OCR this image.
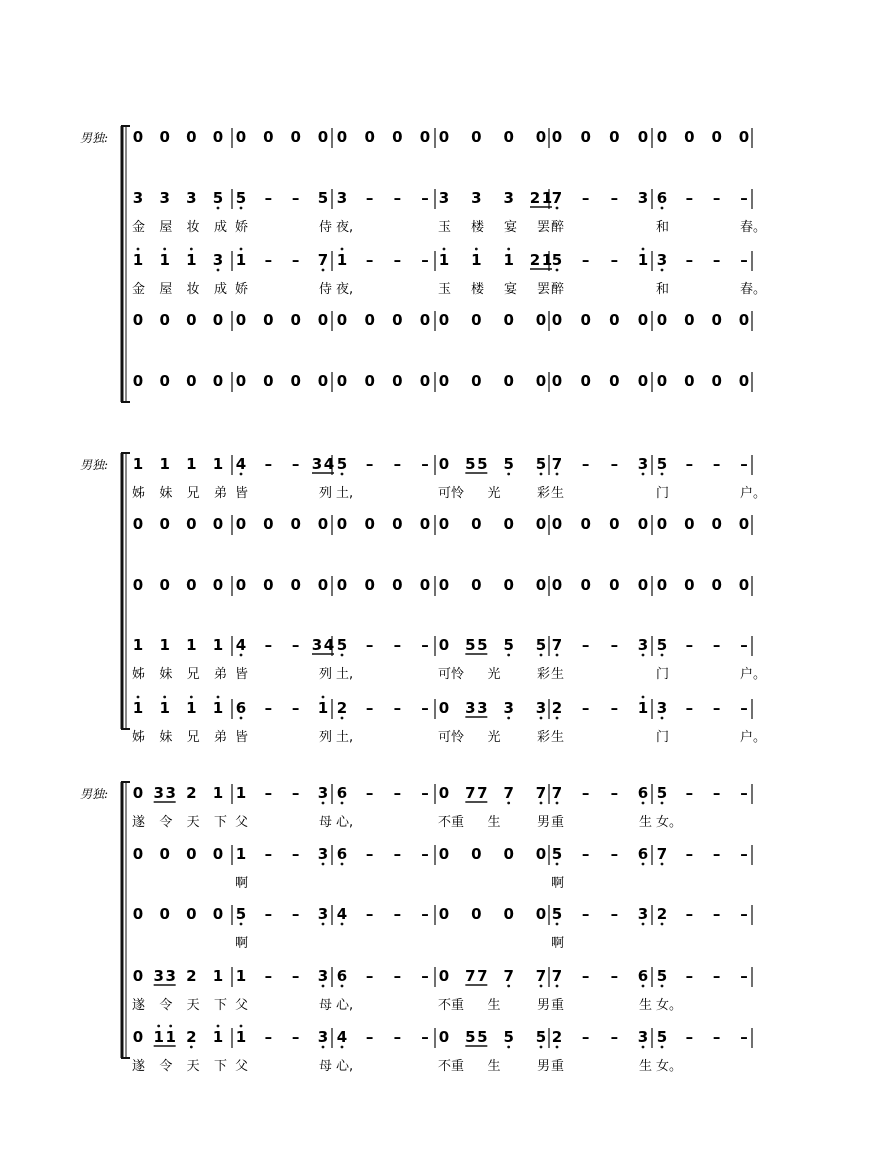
男独: 0 0 0 0 0 0 0 0 0 0 0 0 0 0 0 0 0 0 0 0 0 0 0 0
3 3 3 5 5 – – 5 3 – – – 3 3 3 2 1 7 – – 3 6 – – –
金 屋 妆 成 娇	侍 夜,	玉 楼 宴 罢 醉	和	春。
1 1 1 3 1 – – 7 1 – – – 1 1 1 2 1 5 – – 1 3 – – –
金 屋 妆 成 娇	侍 夜,	玉 楼 宴 罢 醉	和	春。
0 0 0 0 0 0 0 0 0 0 0 0 0 0 0 0 0 0 0 0 0 0 0 0
0 0 0 0 0 0 0 0 0 0 0 0 0 0 0 0 0 0 0 0 0 0 0 0
男独: 1 1 1 1 4 – – 3 4 5 – – – 0 5 5 5 5 7 – – 3 5 – – –
姊 妹 兄 弟 皆	列 土,	可怜 光	彩 生	门	户。
0 0 0 0 0 0 0 0 0 0 0 0 0 0 0 0 0 0 0 0 0 0 0 0
0 0 0 0 0 0 0 0 0 0 0 0 0 0 0 0 0 0 0 0 0 0 0 0
1 1 1 1 4 – – 3 4 5 – – – 0 5 5 5 5 7 – – 3 5 – – –
姊 妹 兄 弟 皆	列 土,	可怜 光	彩 生	门	户。
1 1 1 1 6 – – 1 2 – – – 0 3 3 3 3 2 – – 1 3 – – –
姊 妹 兄 弟 皆	列 土,	可怜 光	彩 生	门	户。
男独: 0 3 3 2 1 1 – – 3 6 – – – 0 7 7 7 7 7 – – 6 5 – – –
遂 令 天 下 父	母 心,	不重 生	男 重	生 女。
0 0 0 0 1 – – 3 6 – – – 0 0 0 0 5 – – 6 7 – – –
啊	啊
0 0 0 0 5 – – 3 4 – – – 0 0 0 0 5 – – 3 2 – – –
啊	啊
0 3 3 2 1 1 – – 3 6 – – – 0 7 7 7 7 7 – – 6 5 – – –
遂 令 天 下 父	母 心,	不重 生	男 重	生 女。
0 1 1 2 1 1 – – 3 4 – – – 0 5 5 5 5 2 – – 3 5 – – –
遂 令 天 下 父	母 心,	不重 生	男 重	生 女。
